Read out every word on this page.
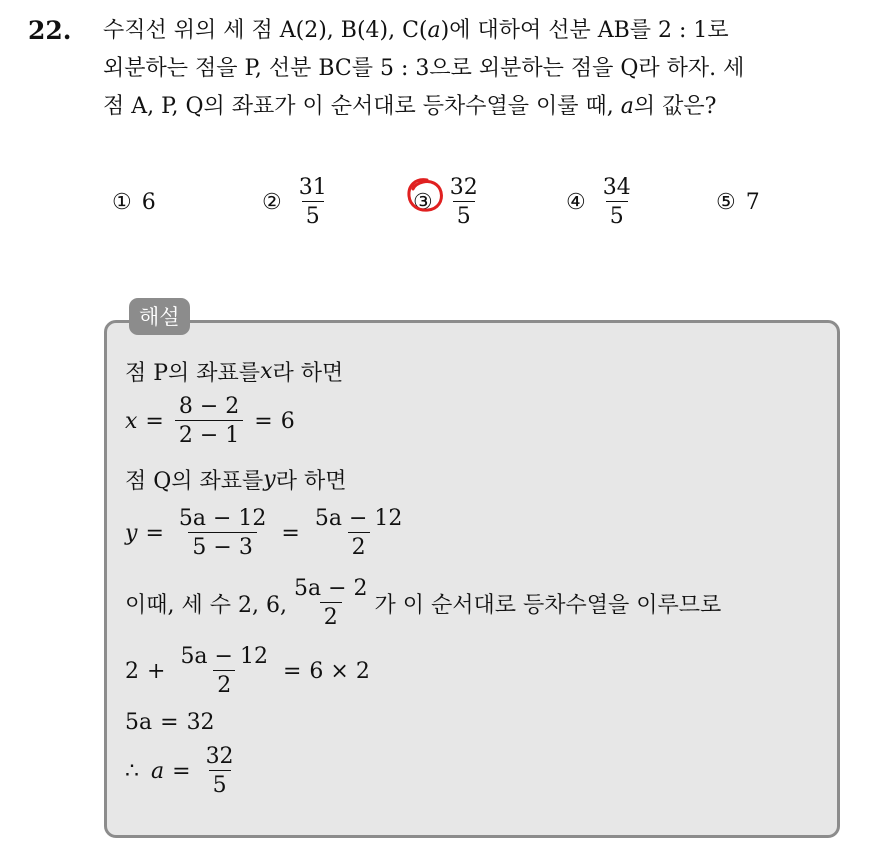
22. 수직선 위의 세 점 A(2), B(4), C(a)에 대하여 선분 AB를 2 : 1로
외분하는 점을 P, 선분 BC를 5 : 3으로 외분하는 점을 Q라 하자. 세
점 A, P, Q의 좌표가 이 순서대로 등차수열을 이룰 때, a의 값은?
① 6	② $\frac{31}{5}$	③ $\frac{32}{5}$	④ $\frac{34}{5}$	⑤ 7
해설
점 P의 좌표를 x 라 하면
$x = \frac{8 - 2}{2 - 1} = 6$
점 Q의 좌표를 y 라 하면
$y = \frac{5a - 12}{5 - 3} = \frac{5a - 12}{2}$
이때, 세 수 2, 6, $\frac{5a - 2}{2}$ 가 이 순서대로 등차수열을 이루므로
$2 + \frac{5a - 12}{2} = 6 \times 2$
5a = 32
∴ $a = \frac{32}{5}$
